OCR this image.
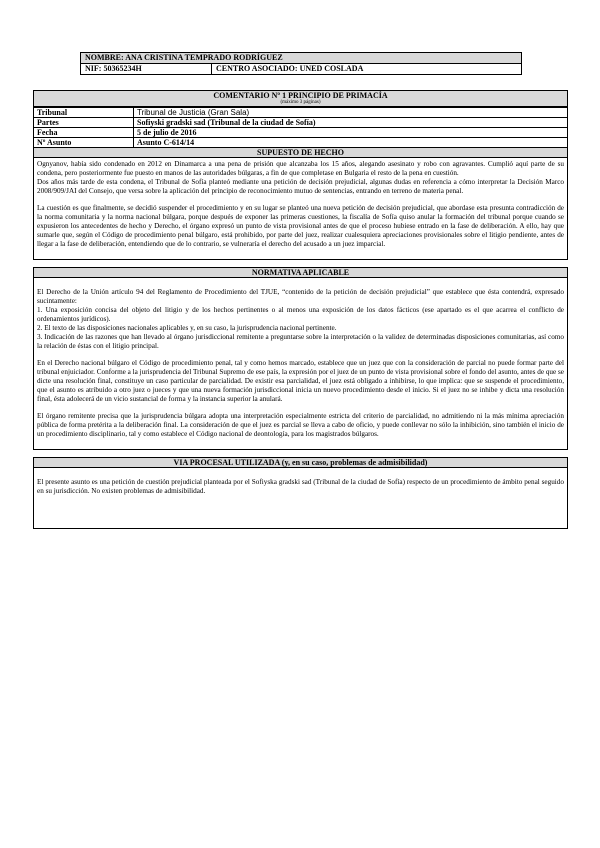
NOMBRE: ANA CRISTINA TEMPRADO RODRÍGUEZ
NIF: 50365234H	CENTRO ASOCIADO: UNED COSLADA
COMENTARIO Nº 1 PRINCIPIO DE PRIMACÍA
(máximo 3 páginas)
Tribunal	Tribunal de Justicia (Gran Sala)
Partes	Sofiyski gradski sad (Tribunal de la ciudad de Sofía)
Fecha	5 de julio de 2016
Nº Asunto	Asunto C-614/14
SUPUESTO DE HECHO

Ognyanov, había sido condenado en 2012 en Dinamarca a una pena de prisión que alcanzaba los 15 años, alegando asesinato y robo con agravantes. Cumplió aquí parte de su condena, pero posteriormente fue puesto en manos de las autoridades búlgaras, a fin de que completase en Bulgaria el resto de la pena en cuestión.

Dos años más tarde de esta condena, el Tribunal de Sofía planteó mediante una petición de decisión prejudicial, algunas dudas en referencia a cómo interpretar la Decisión Marco 2008/909/JAI del Consejo, que versa sobre la aplicación del principio de reconocimiento mutuo de sentencias, entrando en terreno de materia penal.

La cuestión es que finalmente, se decidió suspender el procedimiento y en su lugar se planteó una nueva petición de decisión prejudicial, que abordase esta presunta contradicción de la norma comunitaria y la norma nacional búlgara, porque después de exponer las primeras cuestiones, la fiscalía de Sofía quiso anular la formación del tribunal porque cuando se expusieron los antecedentes de hecho y Derecho, el órgano expresó un punto de vista provisional antes de que el proceso hubiese entrado en la fase de deliberación. A ello, hay que sumarle que, según el Código de procedimiento penal búlgaro, está prohibido, por parte del juez, realizar cualesquiera apreciaciones provisionales sobre el litigio pendiente, antes de llegar a la fase de deliberación, entendiendo que de lo contrario, se vulneraría el derecho del acusado a un juez imparcial.

NORMATIVA APLICABLE

El Derecho de la Unión artículo 94 del Reglamento de Procedimiento del TJUE, “contenido de la petición de decisión prejudicial” que establece que ésta contendrá, expresado sucintamente:

1. Una exposición concisa del objeto del litigio y de los hechos pertinentes o al menos una exposición de los datos fácticos (ese apartado es el que acarrea el conflicto de ordenamientos jurídicos).

2. El texto de las disposiciones nacionales aplicables y, en su caso, la jurisprudencia nacional pertinente.

3. Indicación de las razones que han llevado al órgano jurisdiccional remitente a preguntarse sobre la interpretación o la validez de determinadas disposiciones comunitarias, así como la relación de éstas con el litigio principal.

En el Derecho nacional búlgaro el Código de procedimiento penal, tal y como hemos marcado, establece que un juez que con la consideración de parcial no puede formar parte del tribunal enjuiciador. Conforme a la jurisprudencia del Tribunal Supremo de ese país, la expresión por el juez de un punto de vista provisional sobre el fondo del asunto, antes de que se dicte una resolución final, constituye un caso particular de parcialidad. De existir esa parcialidad, el juez está obligado a inhibirse, lo que implica: que se suspende el procedimiento, que el asunto es atribuido a otro juez o jueces y que una nueva formación jurisdiccional inicia un nuevo procedimiento desde el inicio. Si el juez no se inhibe y dicta una resolución final, ésta adolecerá de un vicio sustancial de forma y la instancia superior la anulará.

El órgano remitente precisa que la jurisprudencia búlgara adopta una interpretación especialmente estricta del criterio de parcialidad, no admitiendo ni la más mínima apreciación pública de forma pretérita a la deliberación final. La consideración de que el juez es parcial se lleva a cabo de oficio, y puede conllevar no sólo la inhibición, sino también el inicio de un procedimiento disciplinario, tal y como establece el Código nacional de deontología, para los magistrados búlgaros.

VIA PROCESAL UTILIZADA (y, en su caso, problemas de admisibilidad)

El presente asunto es una petición de cuestión prejudicial planteada por el Sofiyska gradski sad (Tribunal de la ciudad de Sofía) respecto de un procedimiento de ámbito penal seguido en su jurisdicción. No existen problemas de admisibilidad.
